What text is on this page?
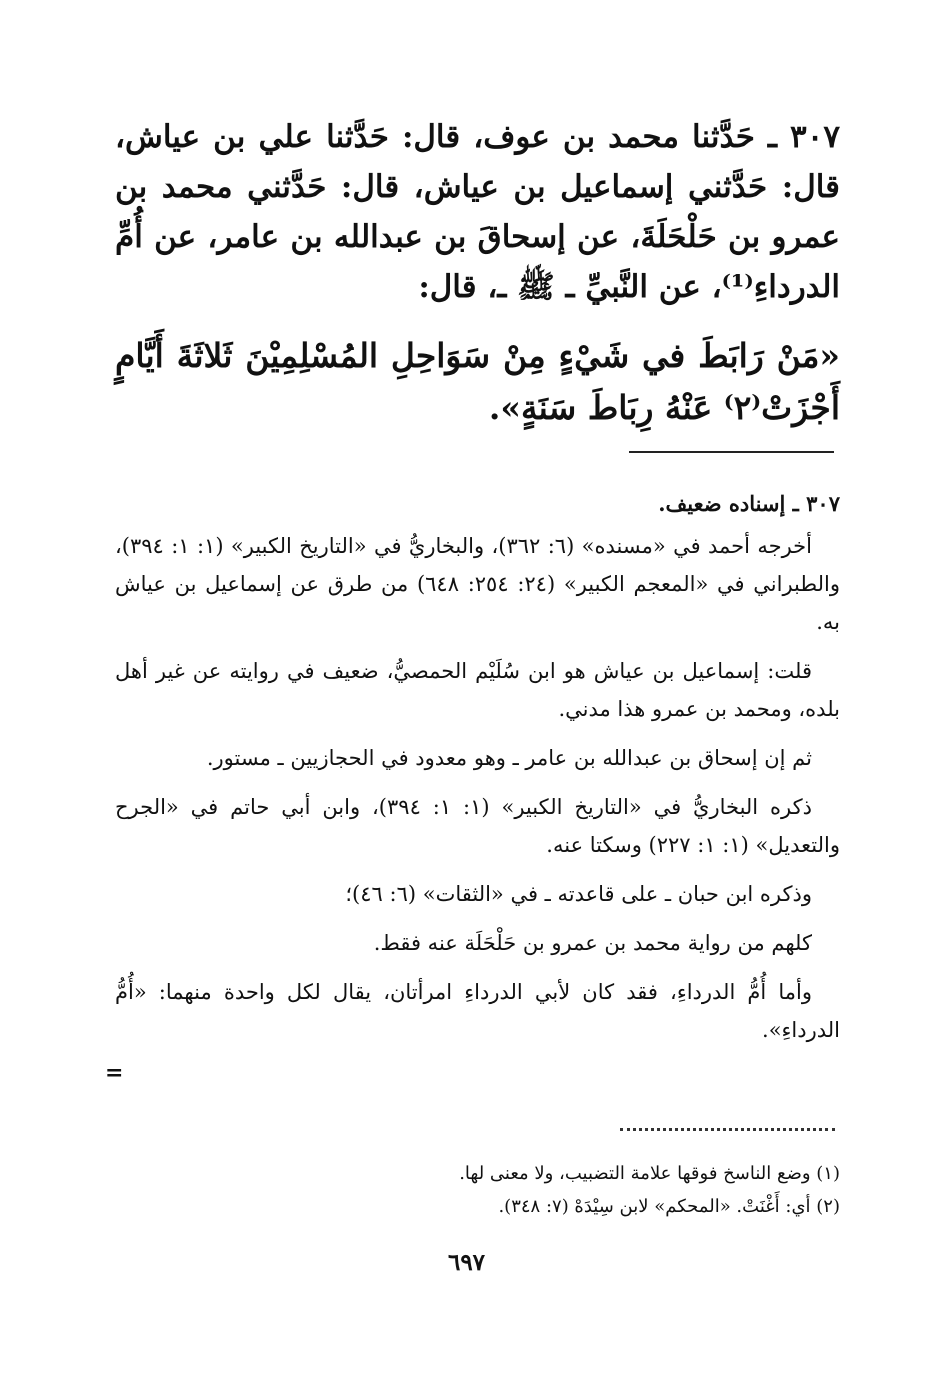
٣٠٧ ـ حَدَّثنا محمد بن عوف، قال: حَدَّثنا علي بن عياش، قال: حَدَّثني إسماعيل بن عياش، قال: حَدَّثني محمد بن عمرو بن حَلْحَلَةَ، عن إسحاقَ بن عبدالله بن عامر، عن أُمِّ الدرداءِ⁽¹⁾، عن النَّبيِّ ـ ﷺ ـ، قال:

«مَنْ رَابَطَ في شَيْءٍ مِنْ سَوَاحِلِ المُسْلِمِيْنَ ثَلاثَةَ أَيَّامٍ أَجْزَتْ⁽٢⁾ عَنْهُ رِبَاطَ سَنَةٍ».

٣٠٧ ـ إسناده ضعيف.

أخرجه أحمد في «مسنده» (٦: ٣٦٢)، والبخاريُّ في «التاريخ الكبير» (١: ١: ٣٩٤)، والطبراني في «المعجم الكبير» (٢٤: ٢٥٤: ٦٤٨) من طرق عن إسماعيل بن عياش به.

قلت: إسماعيل بن عياش هو ابن سُلَيْم الحمصيُّ، ضعيف في روايته عن غير أهل بلده، ومحمد بن عمرو هذا مدني.

ثم إن إسحاق بن عبدالله بن عامر ـ وهو معدود في الحجازيين ـ مستور.

ذكره البخاريُّ في «التاريخ الكبير» (١: ١: ٣٩٤)، وابن أبي حاتم في «الجرح والتعديل» (١: ١: ٢٢٧) وسكتا عنه.

وذكره ابن حبان ـ على قاعدته ـ في «الثقات» (٦: ٤٦)؛

كلهم من رواية محمد بن عمرو بن حَلْحَلَة عنه فقط.

وأما أُمُّ الدرداءِ، فقد كان لأبي الدرداءِ امرأتان، يقال لكل واحدة منهما: «أُمُّ الدرداءِ».

=
(١) وضع الناسخ فوقها علامة التضبيب، ولا معنى لها.
(٢) أي: أَغْنَتْ. «المحكم» لابن سِيْدَهْ (٧: ٣٤٨).
٦٩٧
